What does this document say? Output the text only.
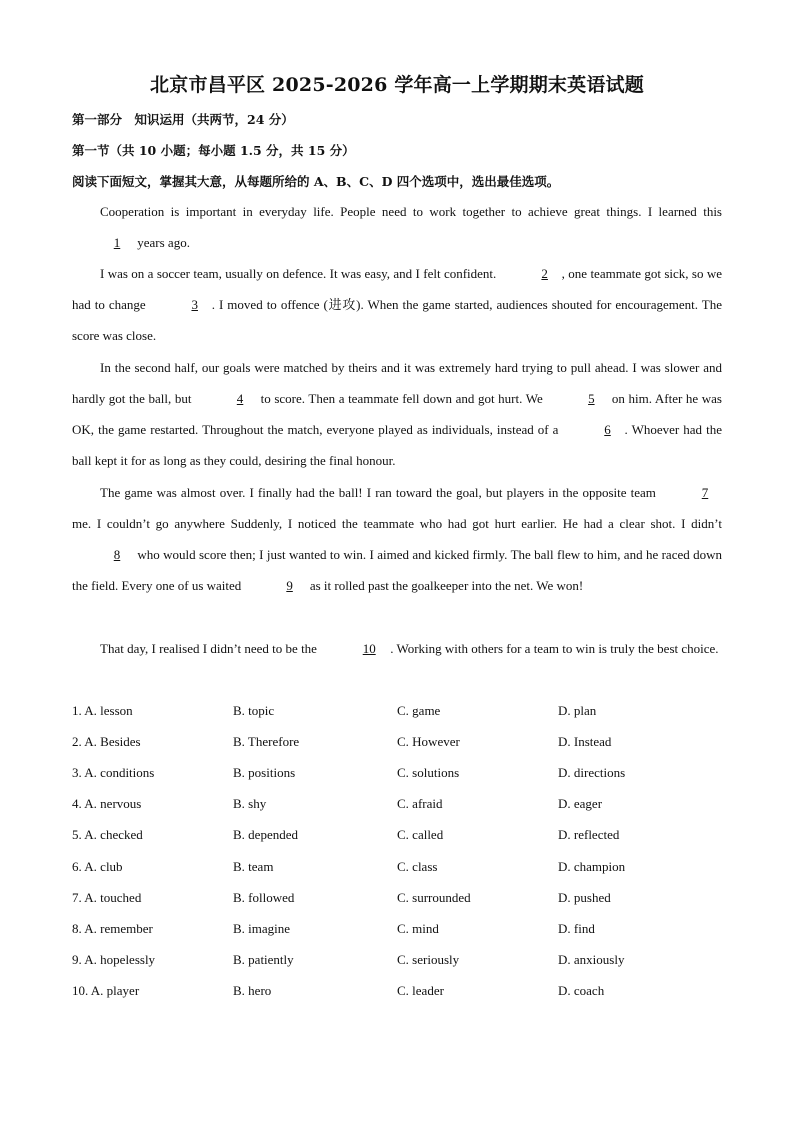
北京市昌平区 2025-2026 学年高一上学期期末英语试题
第一部分　知识运用（共两节，24 分）
第一节（共 10 小题；每小题 1.5 分，共 15 分）
阅读下面短文，掌握其大意，从每题所给的 A、B、C、D 四个选项中，选出最佳选项。
Cooperation is important in everyday life. People need to work together to achieve great things. I learned this 1 years ago.
I was on a soccer team, usually on defence. It was easy, and I felt confident.	2 , one teammate got sick, so we had to change	3 . I moved to offence (进攻). When the game started, audiences shouted for encouragement. The score was close.
In the second half, our goals were matched by theirs and it was extremely hard trying to pull ahead. I was slower and hardly got the ball, but	4 to score. Then a teammate fell down and got hurt. We	5 on him. After he was OK, the game restarted. Throughout the match, everyone played as individuals, instead of a	6 . Whoever had the ball kept it for as long as they could, desiring the final honour.
The game was almost over. I finally had the ball! I ran toward the goal, but players in the opposite team	7 me. I couldn’t go anywhere Suddenly, I noticed the teammate who had got hurt earlier. He had a clear shot. I didn’t 8 who would score then; I just wanted to win. I aimed and kicked firmly. The ball flew to him, and he raced down the field. Every one of us waited	9 as it rolled past the goalkeeper into the net. We won!
That day, I realised I didn’t need to be the	10 . Working with others for a team to win is truly the best choice.
1. A. lesson	B. topic	C. game	D. plan
2. A. Besides	B. Therefore	C. However	D. Instead
3. A. conditions	B. positions	C. solutions	D. directions
4. A. nervous	B. shy	C. afraid	D. eager
5. A. checked	B. depended	C. called	D. reflected
6. A. club	B. team	C. class	D. champion
7. A. touched	B. followed	C. surrounded	D. pushed
8. A. remember	B. imagine	C. mind	D. find
9. A. hopelessly	B. patiently	C. seriously	D. anxiously
10. A. player	B. hero	C. leader	D. coach
